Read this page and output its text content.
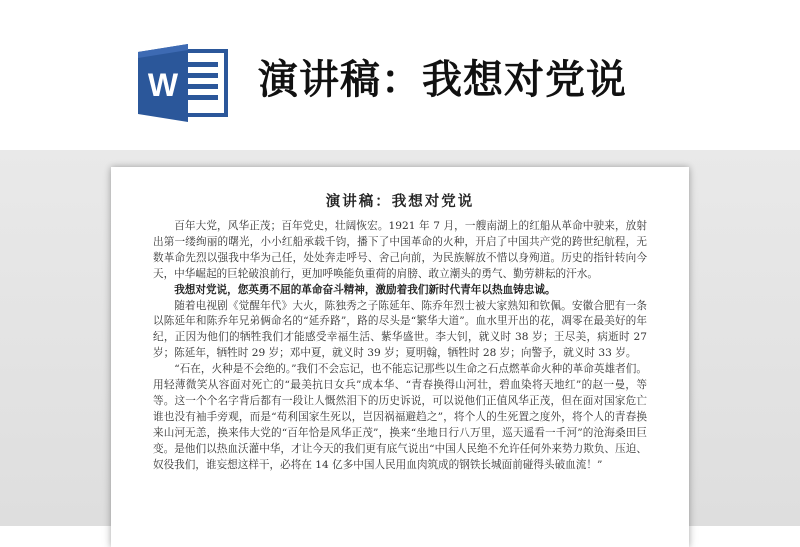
W 演讲稿：我想对党说
演讲稿：我想对党说

百年大党，风华正茂；百年党史，壮阔恢宏。1921 年 7 月，一艘南湖上的红船从革命中驶来，放射出第一缕绚丽的曙光，小小红船承载千钧，播下了中国革命的火种，开启了中国共产党的跨世纪航程，无数革命先烈以强我中华为己任，处处奔走呼号、舍己向前，为民族解放不惜以身殉道。历史的指针转向今天，中华崛起的巨轮破浪前行，更加呼唤能负重荷的肩膀、敢立潮头的勇气、勤劳耕耘的汗水。

我想对党说，您英勇不屈的革命奋斗精神，激励着我们新时代青年以热血铸忠诚。

随着电视剧《觉醒年代》大火，陈独秀之子陈延年、陈乔年烈士被大家熟知和钦佩。安徽合肥有一条以陈延年和陈乔年兄弟俩命名的“延乔路”，路的尽头是“繁华大道”。血水里开出的花，凋零在最美好的年纪，正因为他们的牺牲我们才能感受幸福生活、紫华盛世。李大钊，就义时 38 岁；王尽美，病逝时 27 岁；陈延年，牺牲时 29 岁；邓中夏，就义时 39 岁；夏明翰，牺牲时 28 岁；向警予，就义时 33 岁。

“石在，火种是不会绝的。”我们不会忘记，也不能忘记那些以生命之石点燃革命火种的革命英雄者们。用轻薄微笑从容面对死亡的“最美抗日女兵”成本华、“青春换得山河壮，碧血染将天地红”的赵一曼，等等。这一个个名字背后都有一段让人慨然泪下的历史诉说，可以说他们正值风华正茂，但在面对国家危亡谁也没有袖手旁观，而是“苟利国家生死以，岂因祸福避趋之”，将个人的生死置之度外，将个人的青春换来山河无恙，换来伟大党的“百年恰是风华正茂”，换来“坐地日行八万里，巡天遥看一千河”的沧海桑田巨变。是他们以热血沃灌中华，才让今天的我们更有底气说出“中国人民绝不允许任何外来势力欺负、压迫、奴役我们，谁妄想这样干，必将在 14 亿多中国人民用血肉筑成的钢铁长城面前碰得头破血流！”
